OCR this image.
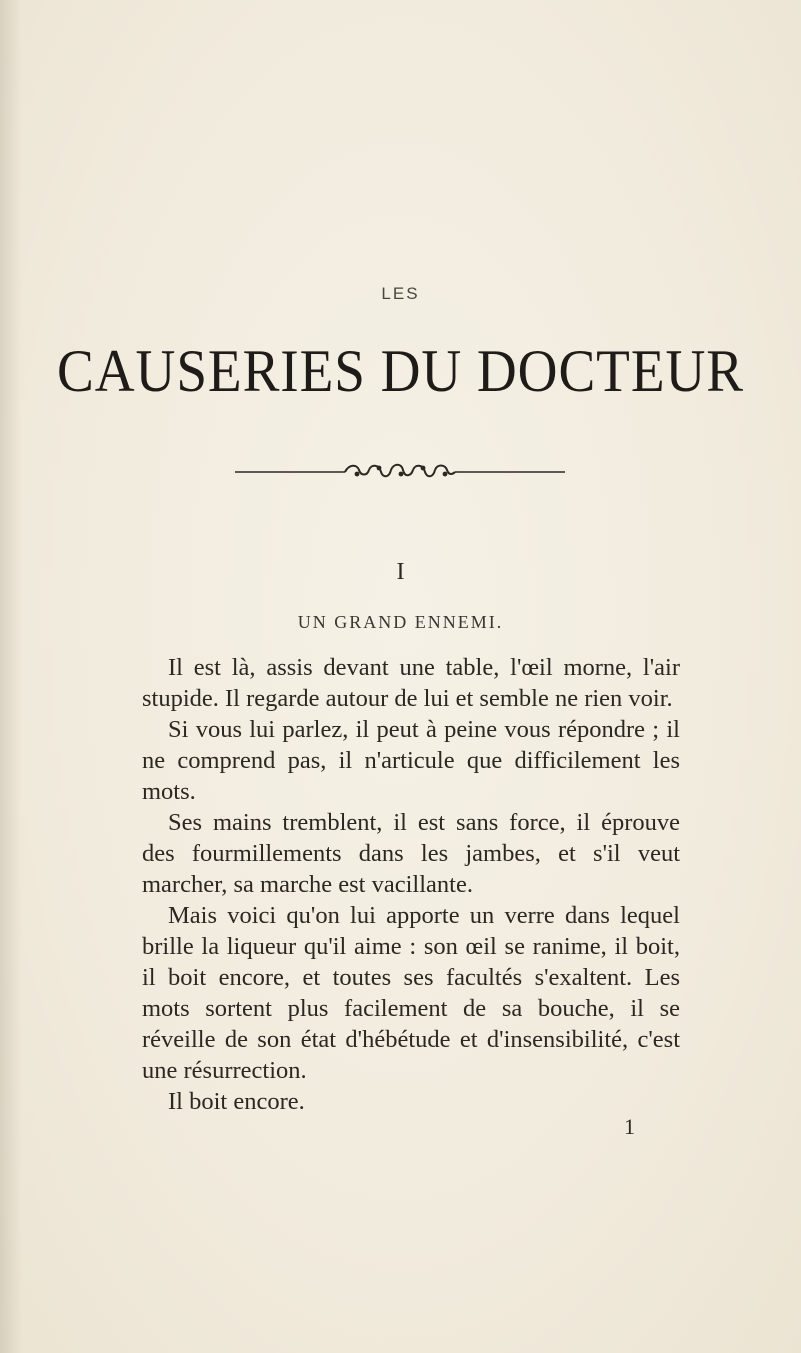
LES
CAUSERIES DU DOCTEUR
I
UN GRAND ENNEMI.

Il est là, assis devant une table, l'œil morne, l'air stupide. Il regarde autour de lui et semble ne rien voir.

Si vous lui parlez, il peut à peine vous répondre ; il ne comprend pas, il n'articule que difficilement les mots.

Ses mains tremblent, il est sans force, il éprouve des fourmillements dans les jambes, et s'il veut marcher, sa marche est vacillante.

Mais voici qu'on lui apporte un verre dans lequel brille la liqueur qu'il aime : son œil se ranime, il boit, il boit encore, et toutes ses facultés s'exaltent. Les mots sortent plus facilement de sa bouche, il se réveille de son état d'hébétude et d'insensibilité, c'est une résurrection.

Il boit encore.

1
